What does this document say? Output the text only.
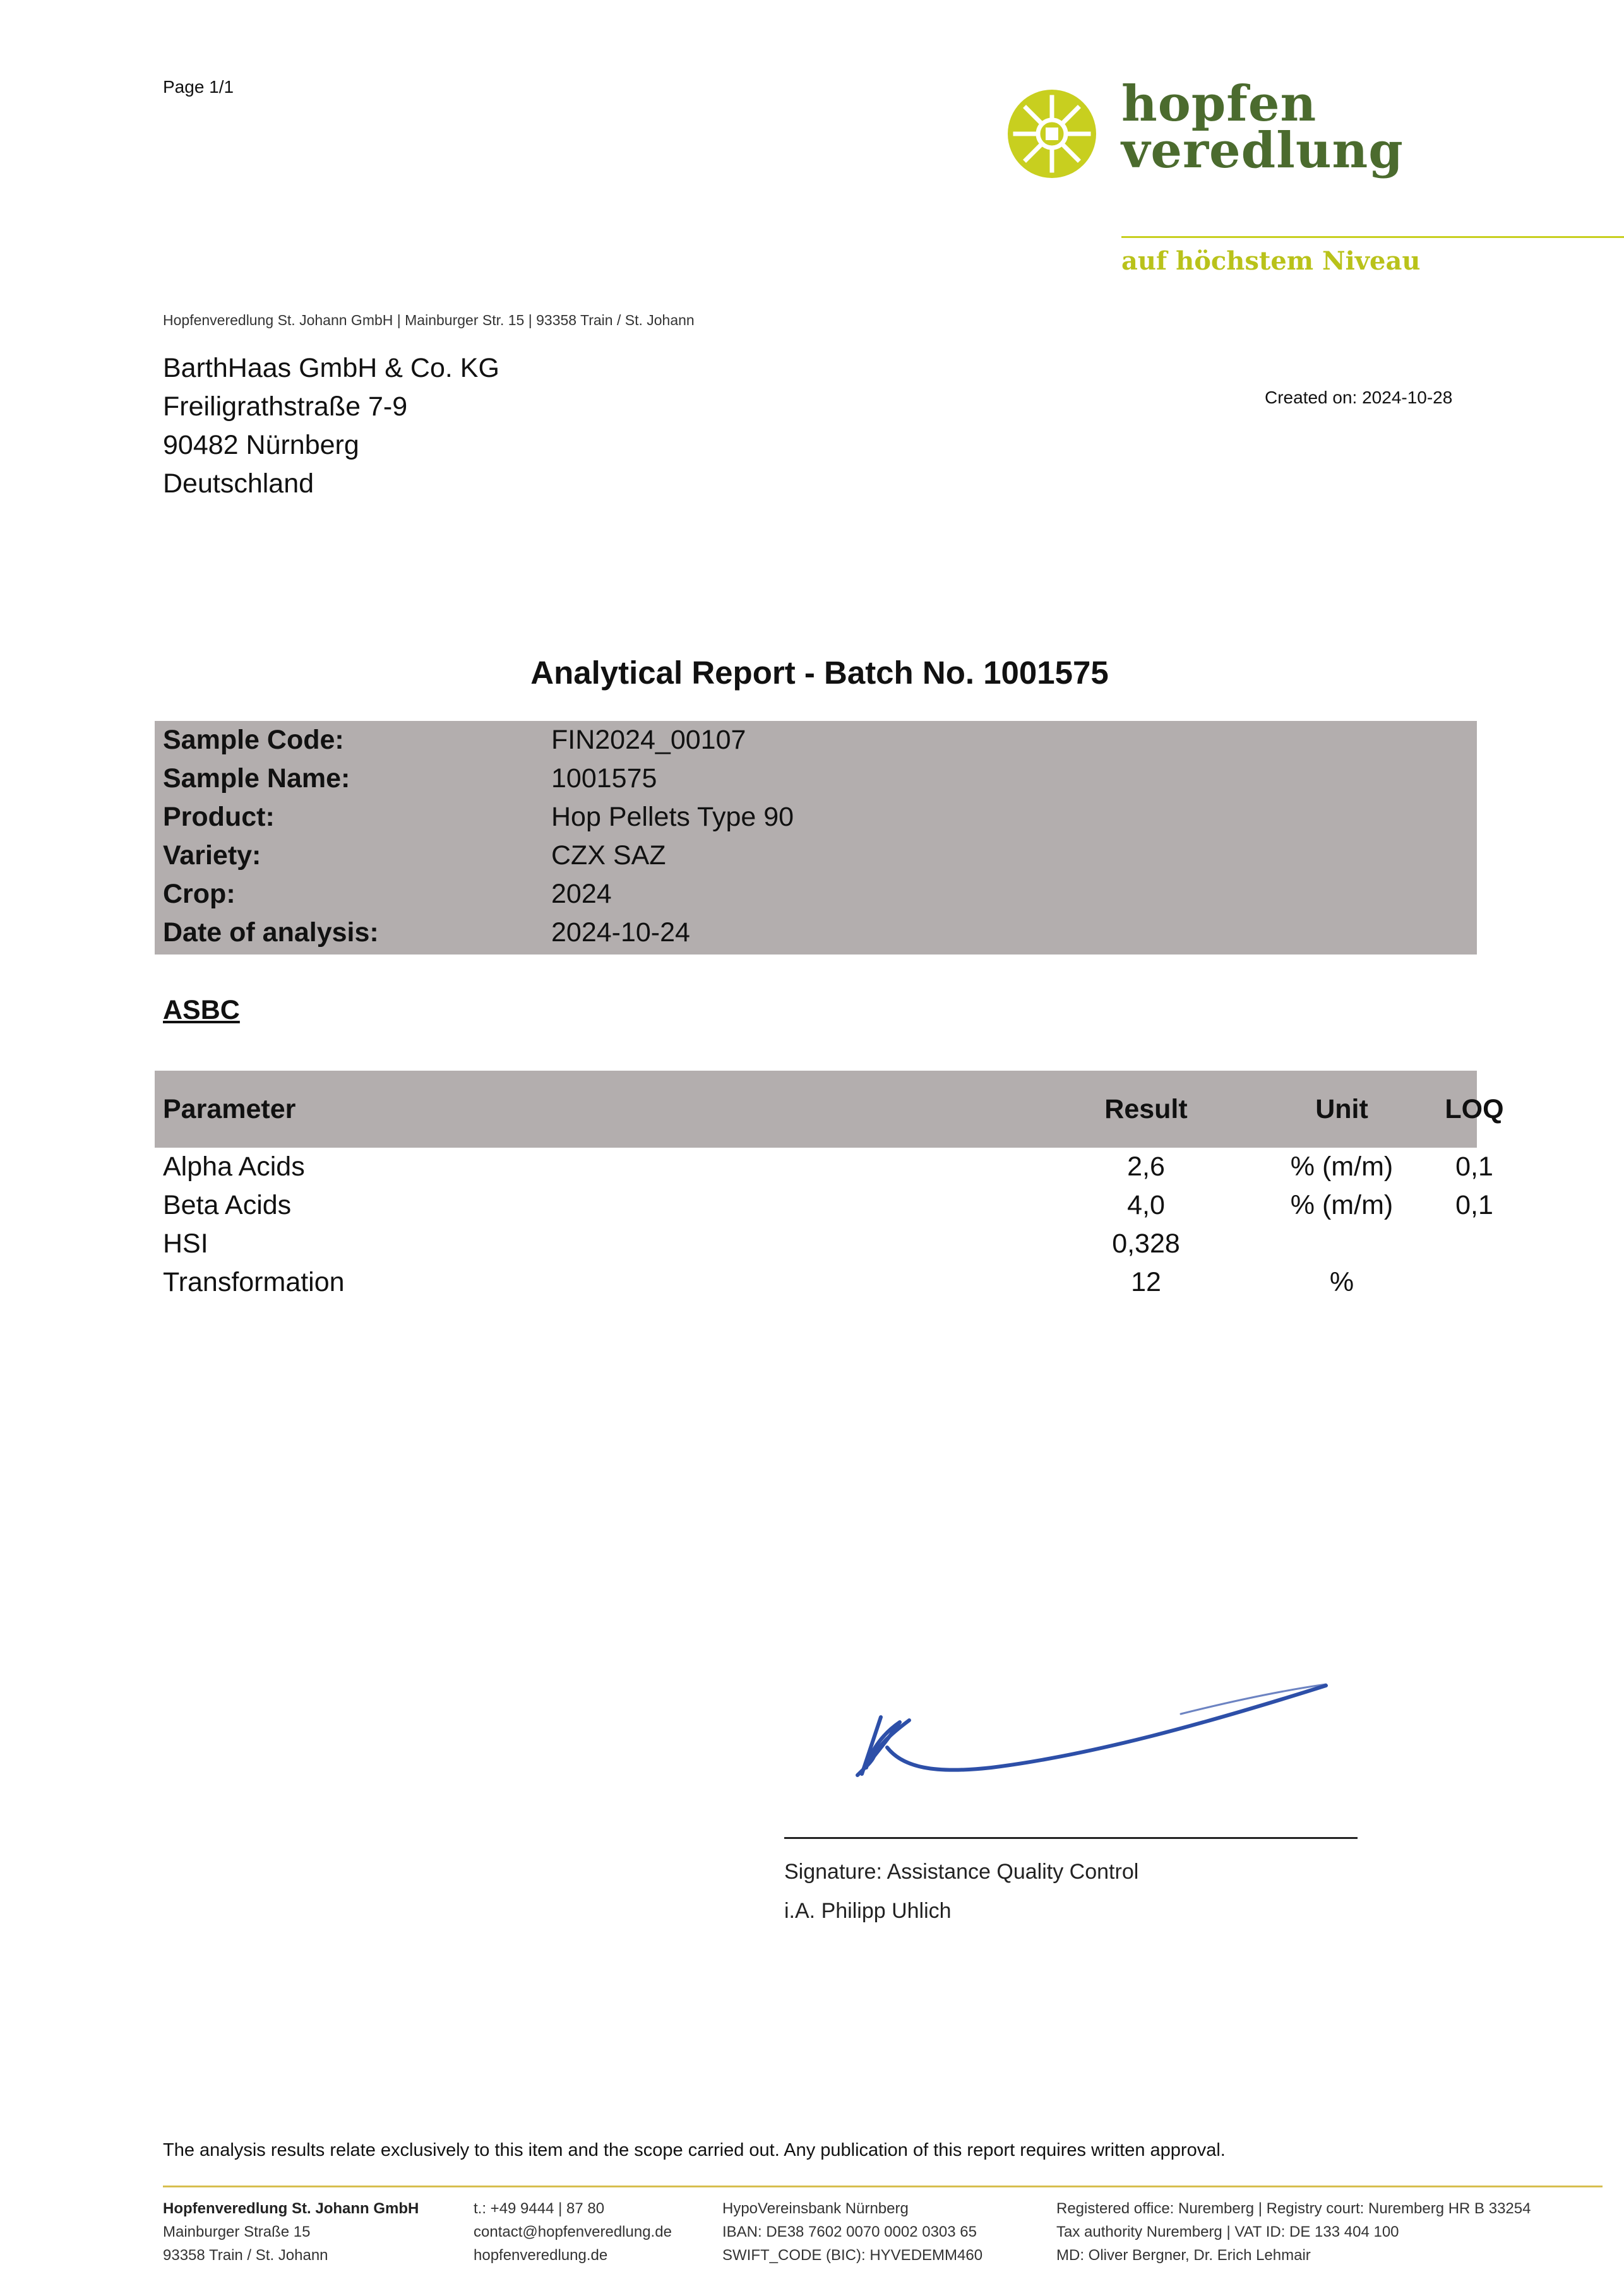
Page 1/1	hopfen
veredlung
auf höchstem Niveau
Hopfenveredlung St. Johann GmbH | Mainburger Str. 15 | 93358 Train / St. Johann
BarthHaas GmbH & Co. KG
Freiligrathstraße 7-9
90482 Nürnberg
Deutschland
Created on: 2024-10-28
Analytical Report - Batch No. 1001575
Sample Code:	FIN2024_00107
Sample Name:	1001575
Product:	Hop Pellets Type 90
Variety:	CZX SAZ
Crop:	2024
Date of analysis:	2024-10-24
ASBC
Parameter	Result	Unit	LOQ
Alpha Acids	2,6	% (m/m)	0,1
Beta Acids	4,0	% (m/m)	0,1
HSI	0,328
Transformation	12	%
Signature: Assistance Quality Control
i.A. Philipp Uhlich
The analysis results relate exclusively to this item and the scope carried out. Any publication of this report requires written approval.
Hopfenveredlung St. Johann GmbH
Mainburger Straße 15
93358 Train / St. Johann
t.: +49 9444 | 87 80
contact@hopfenveredlung.de
hopfenveredlung.de
HypoVereinsbank Nürnberg
IBAN: DE38 7602 0070 0002 0303 65
SWIFT_CODE (BIC): HYVEDEMM460
Registered office: Nuremberg | Registry court: Nuremberg HR B 33254
Tax authority Nuremberg | VAT ID: DE 133 404 100
MD: Oliver Bergner, Dr. Erich Lehmair
